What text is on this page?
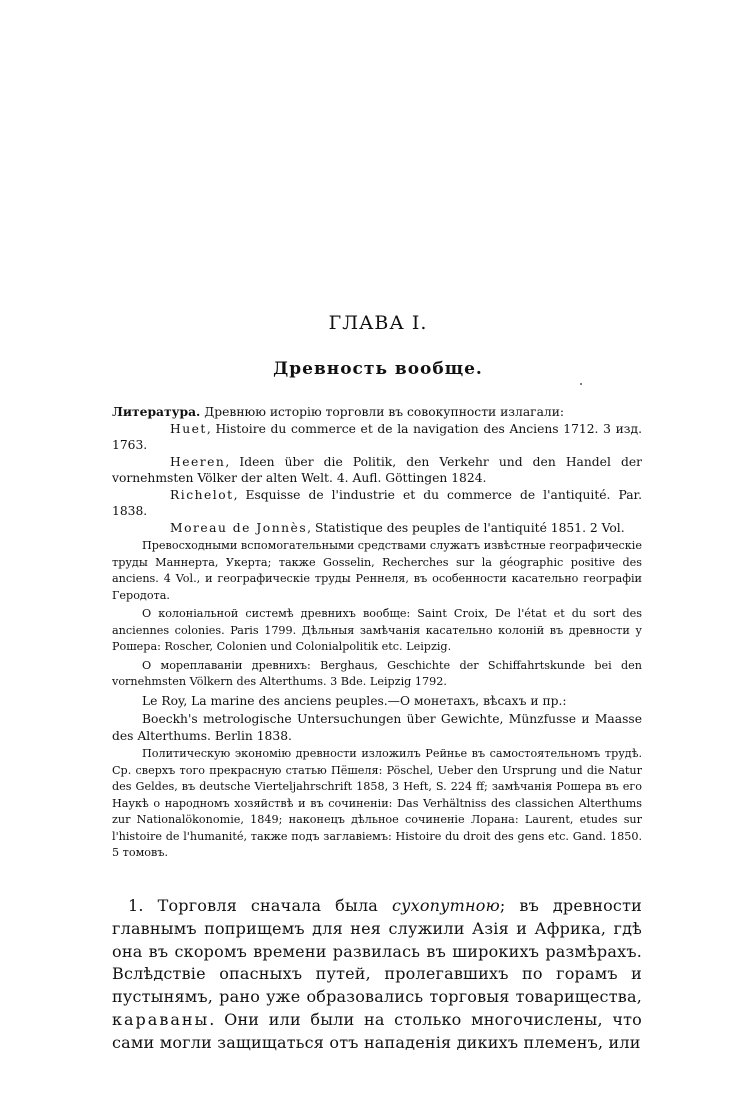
ГЛАВА I.
Древность вообще.

Литература. Древнюю исторію торговли въ совокупности излагали:

Huet, Histoire du commerce et de la navigation des Anciens 1712. 3 изд. 1763.

Heeren, Ideen über die Politik, den Verkehr und den Handel der vornehmsten Völker der alten Welt. 4. Aufl. Göttingen 1824.

Richelot, Esquisse de l'industrie et du commerce de l'antiquité. Par. 1838.

Moreau de Jonnès, Statistique des peuples de l'antiquité 1851. 2 Vol.

Превосходными вспомогательными средствами служатъ извѣстные географическіе труды Маннерта, Укерта; также Gosselin, Recherches sur la géographic positive des anciens. 4 Vol., и географическіе труды Реннеля, въ особенности касательно географіи Геродота.

О колоніальной системѣ древнихъ вообще: Saint Croix, De l'état et du sort des anciennes colonies. Paris 1799. Дѣльныя замѣчанія касательно колоній въ древности у Рошера: Roscher, Colonien und Colonialpolitik etc. Leipzig.

О мореплаваніи древнихъ: Berghaus, Geschichte der Schiffahrtskunde bei den vornehmsten Völkern des Alterthums. 3 Bde. Leipzig 1792.

Le Roy, La marine des anciens peuples.—О монетахъ, вѣсахъ и пр.:

Boeckh's metrologische Untersuchungen über Gewichte, Münzfusse и Maasse des Alterthums. Berlin 1838.

Политическую экономію древности изложилъ Рейнье въ самостоятельномъ трудѣ. Ср. сверхъ того прекрасную статью Пёшеля: Pöschel, Ueber den Ursprung und die Natur des Geldes, въ deutsche Vierteljahrschrift 1858, 3 Heft, S. 224 ff; замѣчанія Рошера въ его Наукѣ о народномъ хозяйствѣ и въ сочиненіи: Das Verhältniss des classichen Alterthums zur Nationalökonomie, 1849; наконецъ дѣльное сочиненіе Лорана: Laurent, etudes sur l'histoire de l'humanité, также подъ заглавіемъ: Histoire du droit des gens etc. Gand. 1850. 5 томовъ.

1. Торговля сначала была сухопутною; въ древности главнымъ поприщемъ для нея служили Азія и Африка, гдѣ она въ скоромъ времени развилась въ широкихъ размѣрахъ. Вслѣдствіе опасныхъ путей, пролегавшихъ по горамъ и пустынямъ, рано уже образовались торговыя товарищества, караваны. Они или были на столько многочислены, что сами могли защищаться отъ нападенія дикихъ племенъ, или
